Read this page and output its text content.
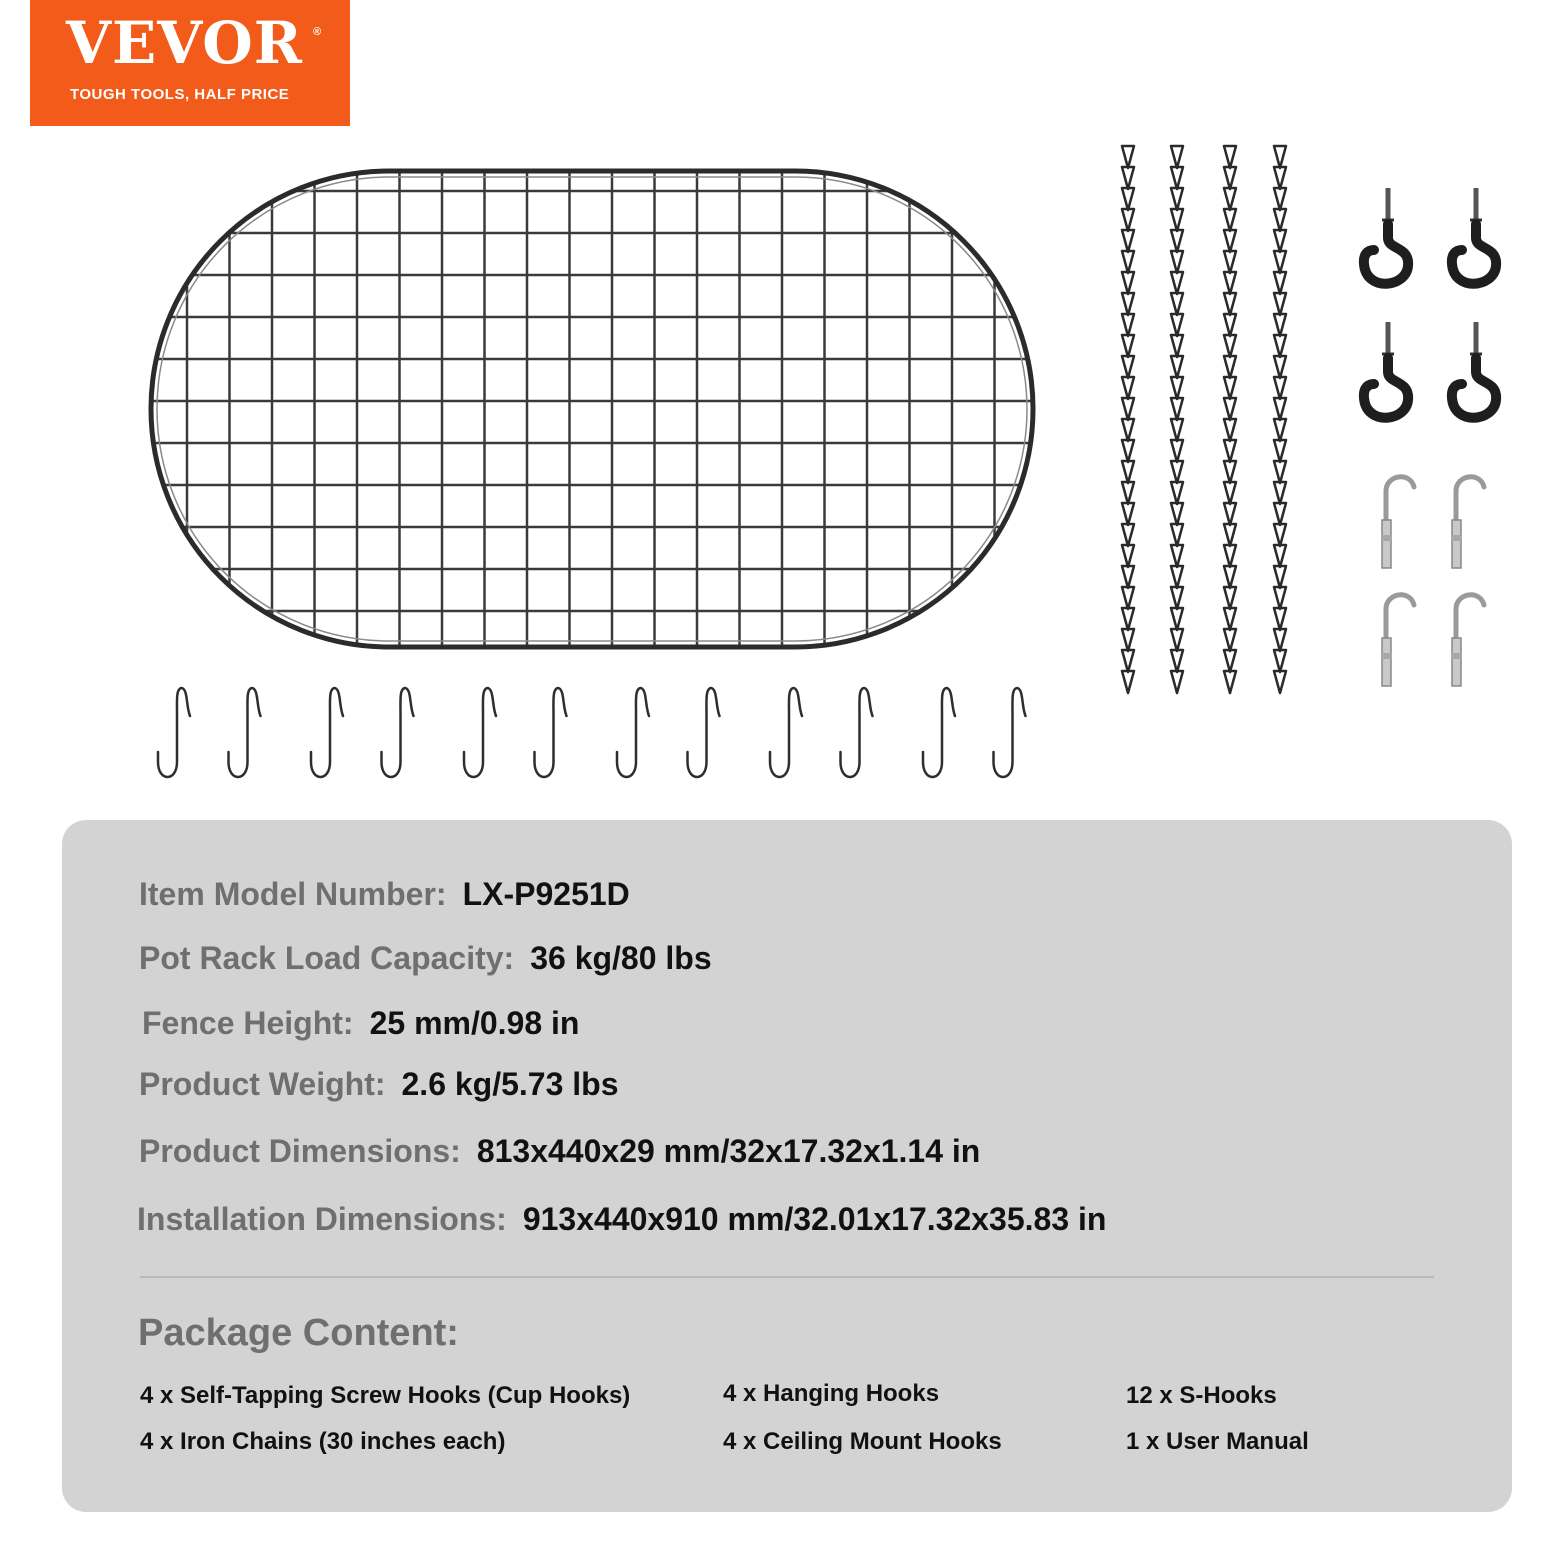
VEVOR ®
TOUGH TOOLS, HALF PRICE
Item Model Number: LX-P9251D
Pot Rack Load Capacity: 36 kg/80 lbs
Fence Height: 25 mm/0.98 in
Product Weight: 2.6 kg/5.73 lbs
Product Dimensions: 813x440x29 mm/32x17.32x1.14 in
Installation Dimensions: 913x440x910 mm/32.01x17.32x35.83 in
Package Content:
4 x Self-Tapping Screw Hooks (Cup Hooks)	4 x Hanging Hooks	12 x S-Hooks
4 x Iron Chains (30 inches each)	4 x Ceiling Mount Hooks	1 x User Manual
